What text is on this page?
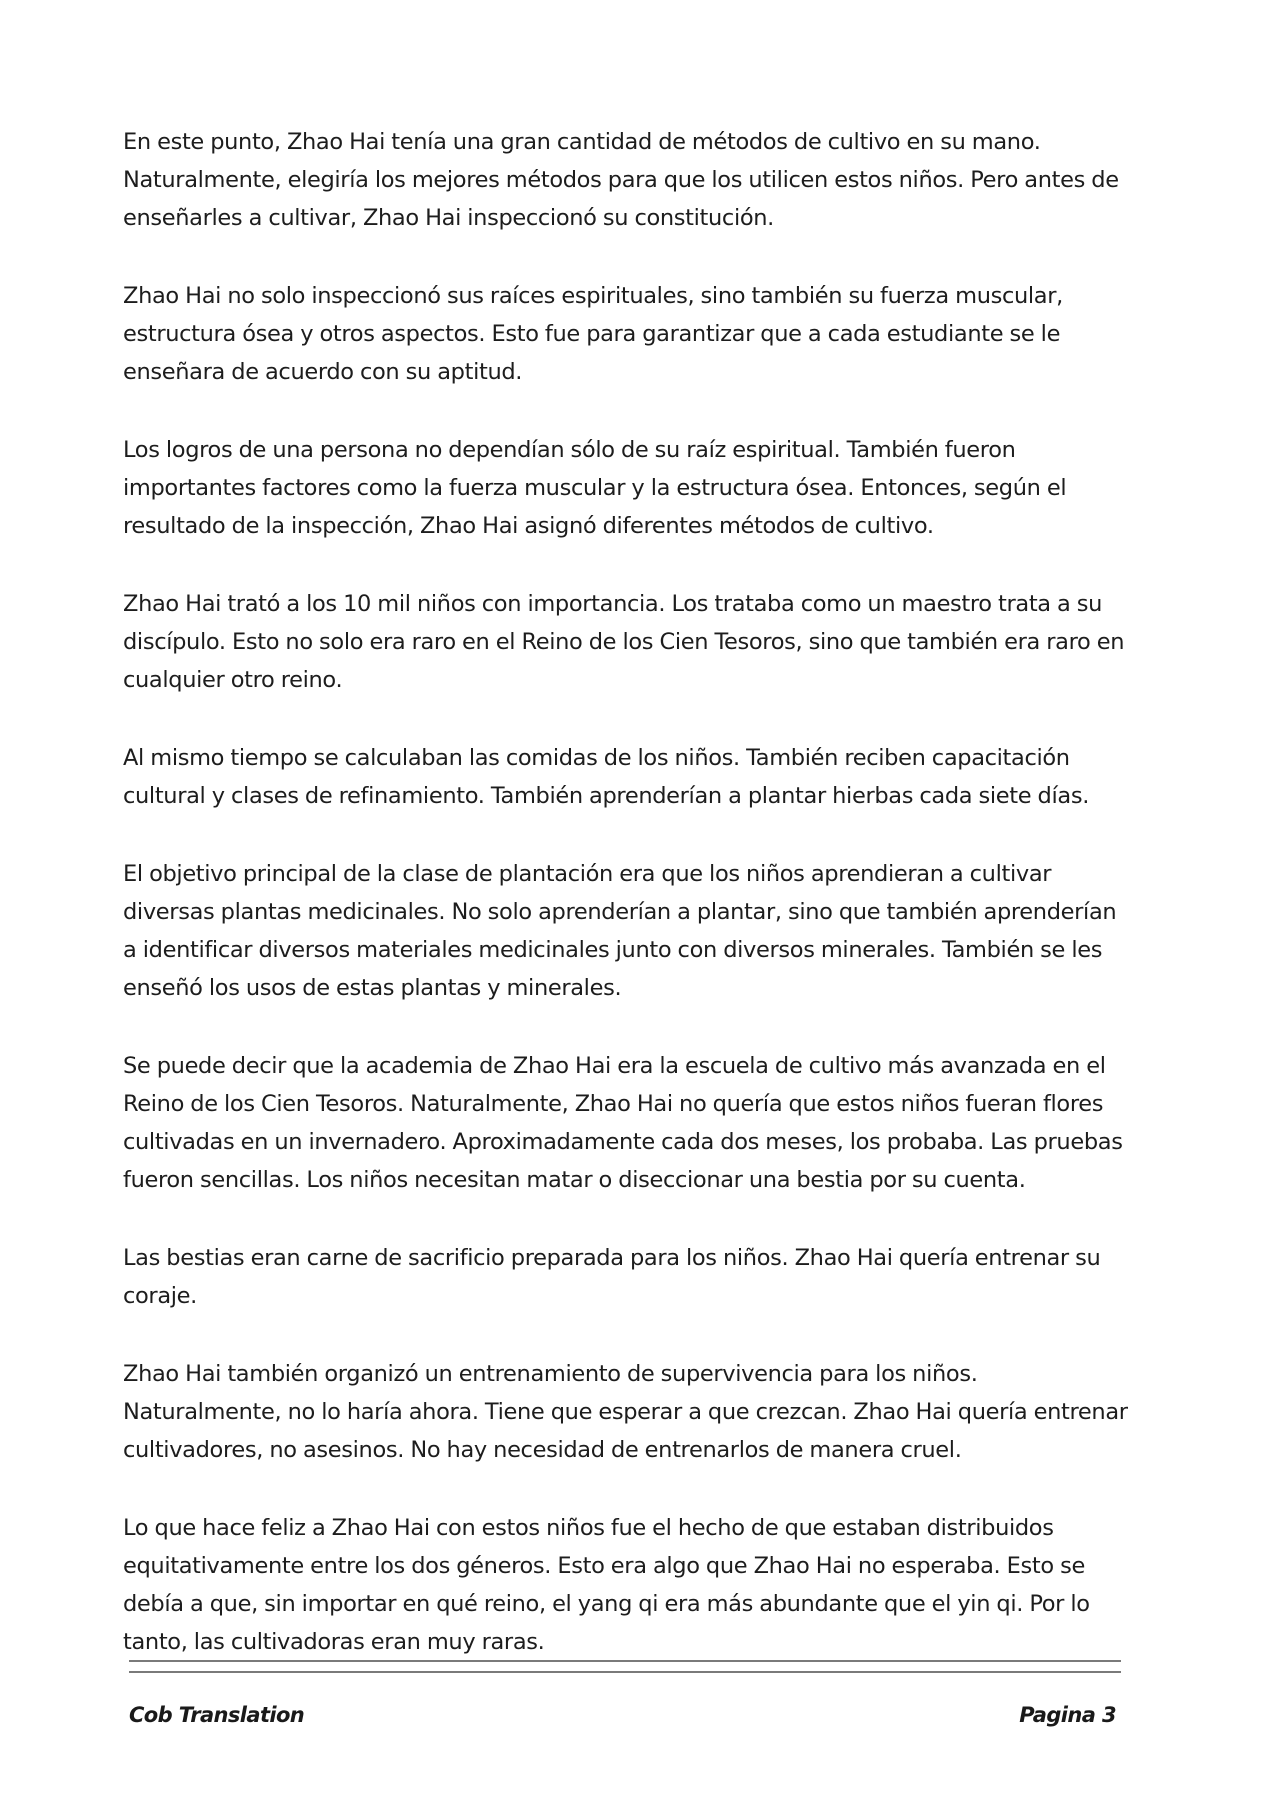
En este punto, Zhao Hai tenía una gran cantidad de métodos de cultivo en su mano. Naturalmente, elegiría los mejores métodos para que los utilicen estos niños. Pero antes de enseñarles a cultivar, Zhao Hai inspeccionó su constitución.

Zhao Hai no solo inspeccionó sus raíces espirituales, sino también su fuerza muscular, estructura ósea y otros aspectos. Esto fue para garantizar que a cada estudiante se le enseñara de acuerdo con su aptitud.

Los logros de una persona no dependían sólo de su raíz espiritual. También fueron importantes factores como la fuerza muscular y la estructura ósea. Entonces, según el resultado de la inspección, Zhao Hai asignó diferentes métodos de cultivo.

Zhao Hai trató a los 10 mil niños con importancia. Los trataba como un maestro trata a su discípulo. Esto no solo era raro en el Reino de los Cien Tesoros, sino que también era raro en cualquier otro reino.

Al mismo tiempo se calculaban las comidas de los niños. También reciben capacitación cultural y clases de refinamiento. También aprenderían a plantar hierbas cada siete días.

El objetivo principal de la clase de plantación era que los niños aprendieran a cultivar diversas plantas medicinales. No solo aprenderían a plantar, sino que también aprenderían a identificar diversos materiales medicinales junto con diversos minerales. También se les enseñó los usos de estas plantas y minerales.

Se puede decir que la academia de Zhao Hai era la escuela de cultivo más avanzada en el Reino de los Cien Tesoros. Naturalmente, Zhao Hai no quería que estos niños fueran flores cultivadas en un invernadero. Aproximadamente cada dos meses, los probaba. Las pruebas fueron sencillas. Los niños necesitan matar o diseccionar una bestia por su cuenta.

Las bestias eran carne de sacrificio preparada para los niños. Zhao Hai quería entrenar su coraje.

Zhao Hai también organizó un entrenamiento de supervivencia para los niños. Naturalmente, no lo haría ahora. Tiene que esperar a que crezcan. Zhao Hai quería entrenar cultivadores, no asesinos. No hay necesidad de entrenarlos de manera cruel.

Lo que hace feliz a Zhao Hai con estos niños fue el hecho de que estaban distribuidos equitativamente entre los dos géneros. Esto era algo que Zhao Hai no esperaba. Esto se debía a que, sin importar en qué reino, el yang qi era más abundante que el yin qi. Por lo tanto, las cultivadoras eran muy raras.

Cob Translation	Pagina 3
